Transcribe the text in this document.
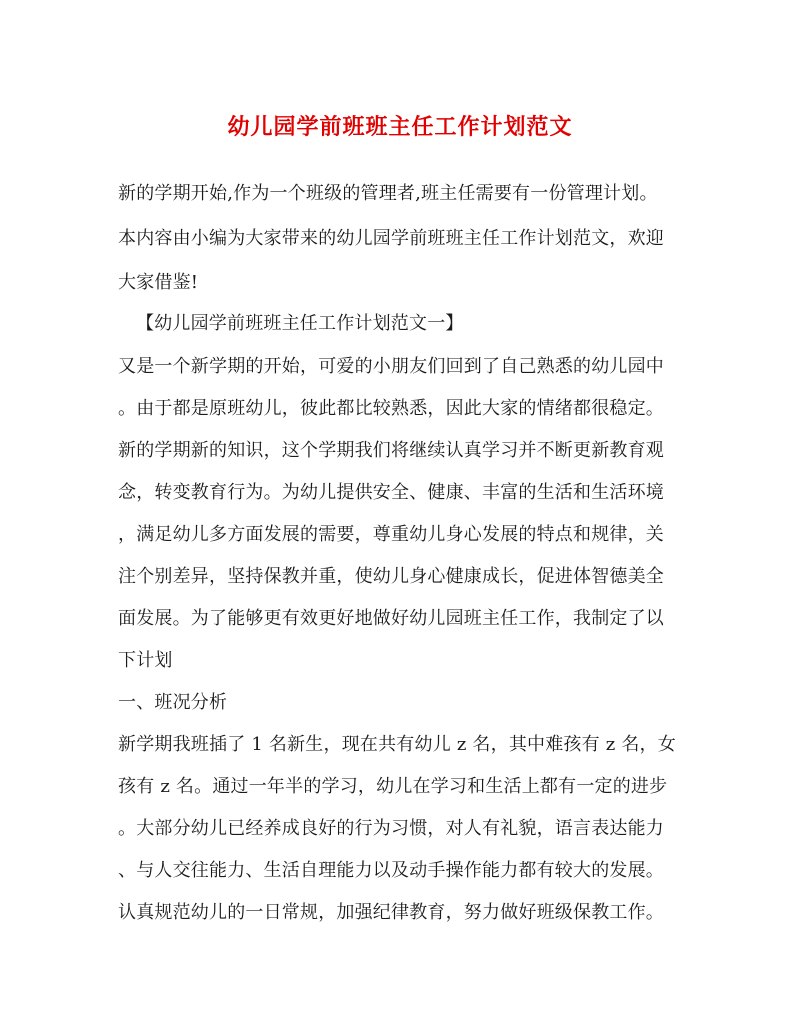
幼儿园学前班班主任工作计划范文
新的学期开始,作为一个班级的管理者,班主任需要有一份管理计划。
本内容由小编为大家带来的幼儿园学前班班主任工作计划范文，欢迎
大家借鉴!
【幼儿园学前班班主任工作计划范文一】
又是一个新学期的开始，可爱的小朋友们回到了自己熟悉的幼儿园中
。由于都是原班幼儿，彼此都比较熟悉，因此大家的情绪都很稳定。
新的学期新的知识，这个学期我们将继续认真学习并不断更新教育观
念，转变教育行为。为幼儿提供安全、健康、丰富的生活和生活环境
，满足幼儿多方面发展的需要，尊重幼儿身心发展的特点和规律，关
注个别差异，坚持保教并重，使幼儿身心健康成长，促进体智德美全
面发展。为了能够更有效更好地做好幼儿园班主任工作，我制定了以
下计划
一、班况分析
新学期我班插了 1 名新生，现在共有幼儿 z 名，其中难孩有 z 名，女
孩有 z 名。通过一年半的学习，幼儿在学习和生活上都有一定的进步
。大部分幼儿已经养成良好的行为习惯，对人有礼貌，语言表达能力
、与人交往能力、生活自理能力以及动手操作能力都有较大的发展。
认真规范幼儿的一日常规，加强纪律教育，努力做好班级保教工作。
